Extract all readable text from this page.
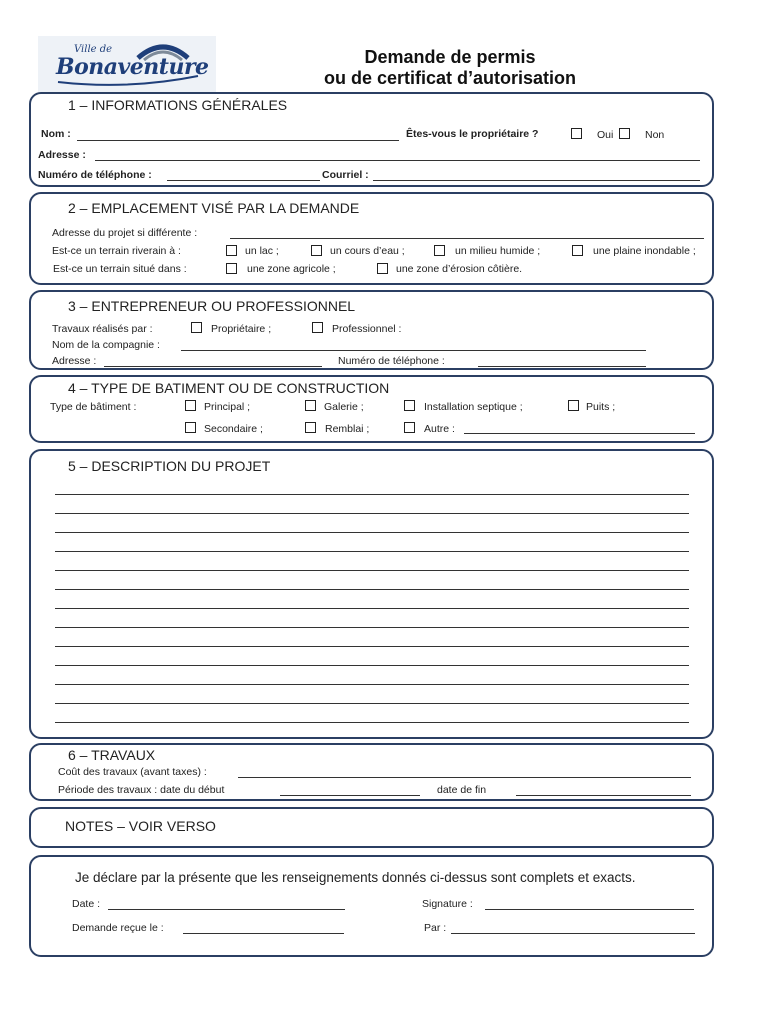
Ville de
Bonaventure	Demande de permis
ou de certificat d’autorisation
1 – INFORMATIONS GÉNÉRALES
Nom :	Êtes-vous le propriétaire ?	Oui	Non
Adresse :
Numéro de téléphone :	Courriel :
2 – EMPLACEMENT VISÉ PAR LA DEMANDE
Adresse du projet si différente :
Est-ce un terrain riverain à :	un lac ;	un cours d’eau ;	un milieu humide ;	une plaine inondable ;
Est-ce un terrain situé dans :	une zone agricole ;	une zone d’érosion côtière.
3 – ENTREPRENEUR OU PROFESSIONNEL
Travaux réalisés par :	Propriétaire ;	Professionnel :
Nom de la compagnie :
Adresse :	Numéro de téléphone :
4 – TYPE DE BATIMENT OU DE CONSTRUCTION
Type de bâtiment :	Principal ;	Galerie ;	Installation septique ;	Puits ;
Secondaire ;	Remblai ;	Autre :
5 – DESCRIPTION DU PROJET
6 – TRAVAUX
Coût des travaux (avant taxes) :
Période des travaux : date du début	date de fin
NOTES – VOIR VERSO
Je déclare par la présente que les renseignements donnés ci-dessus sont complets et exacts.
Date :	Signature :
Demande reçue le :	Par :
